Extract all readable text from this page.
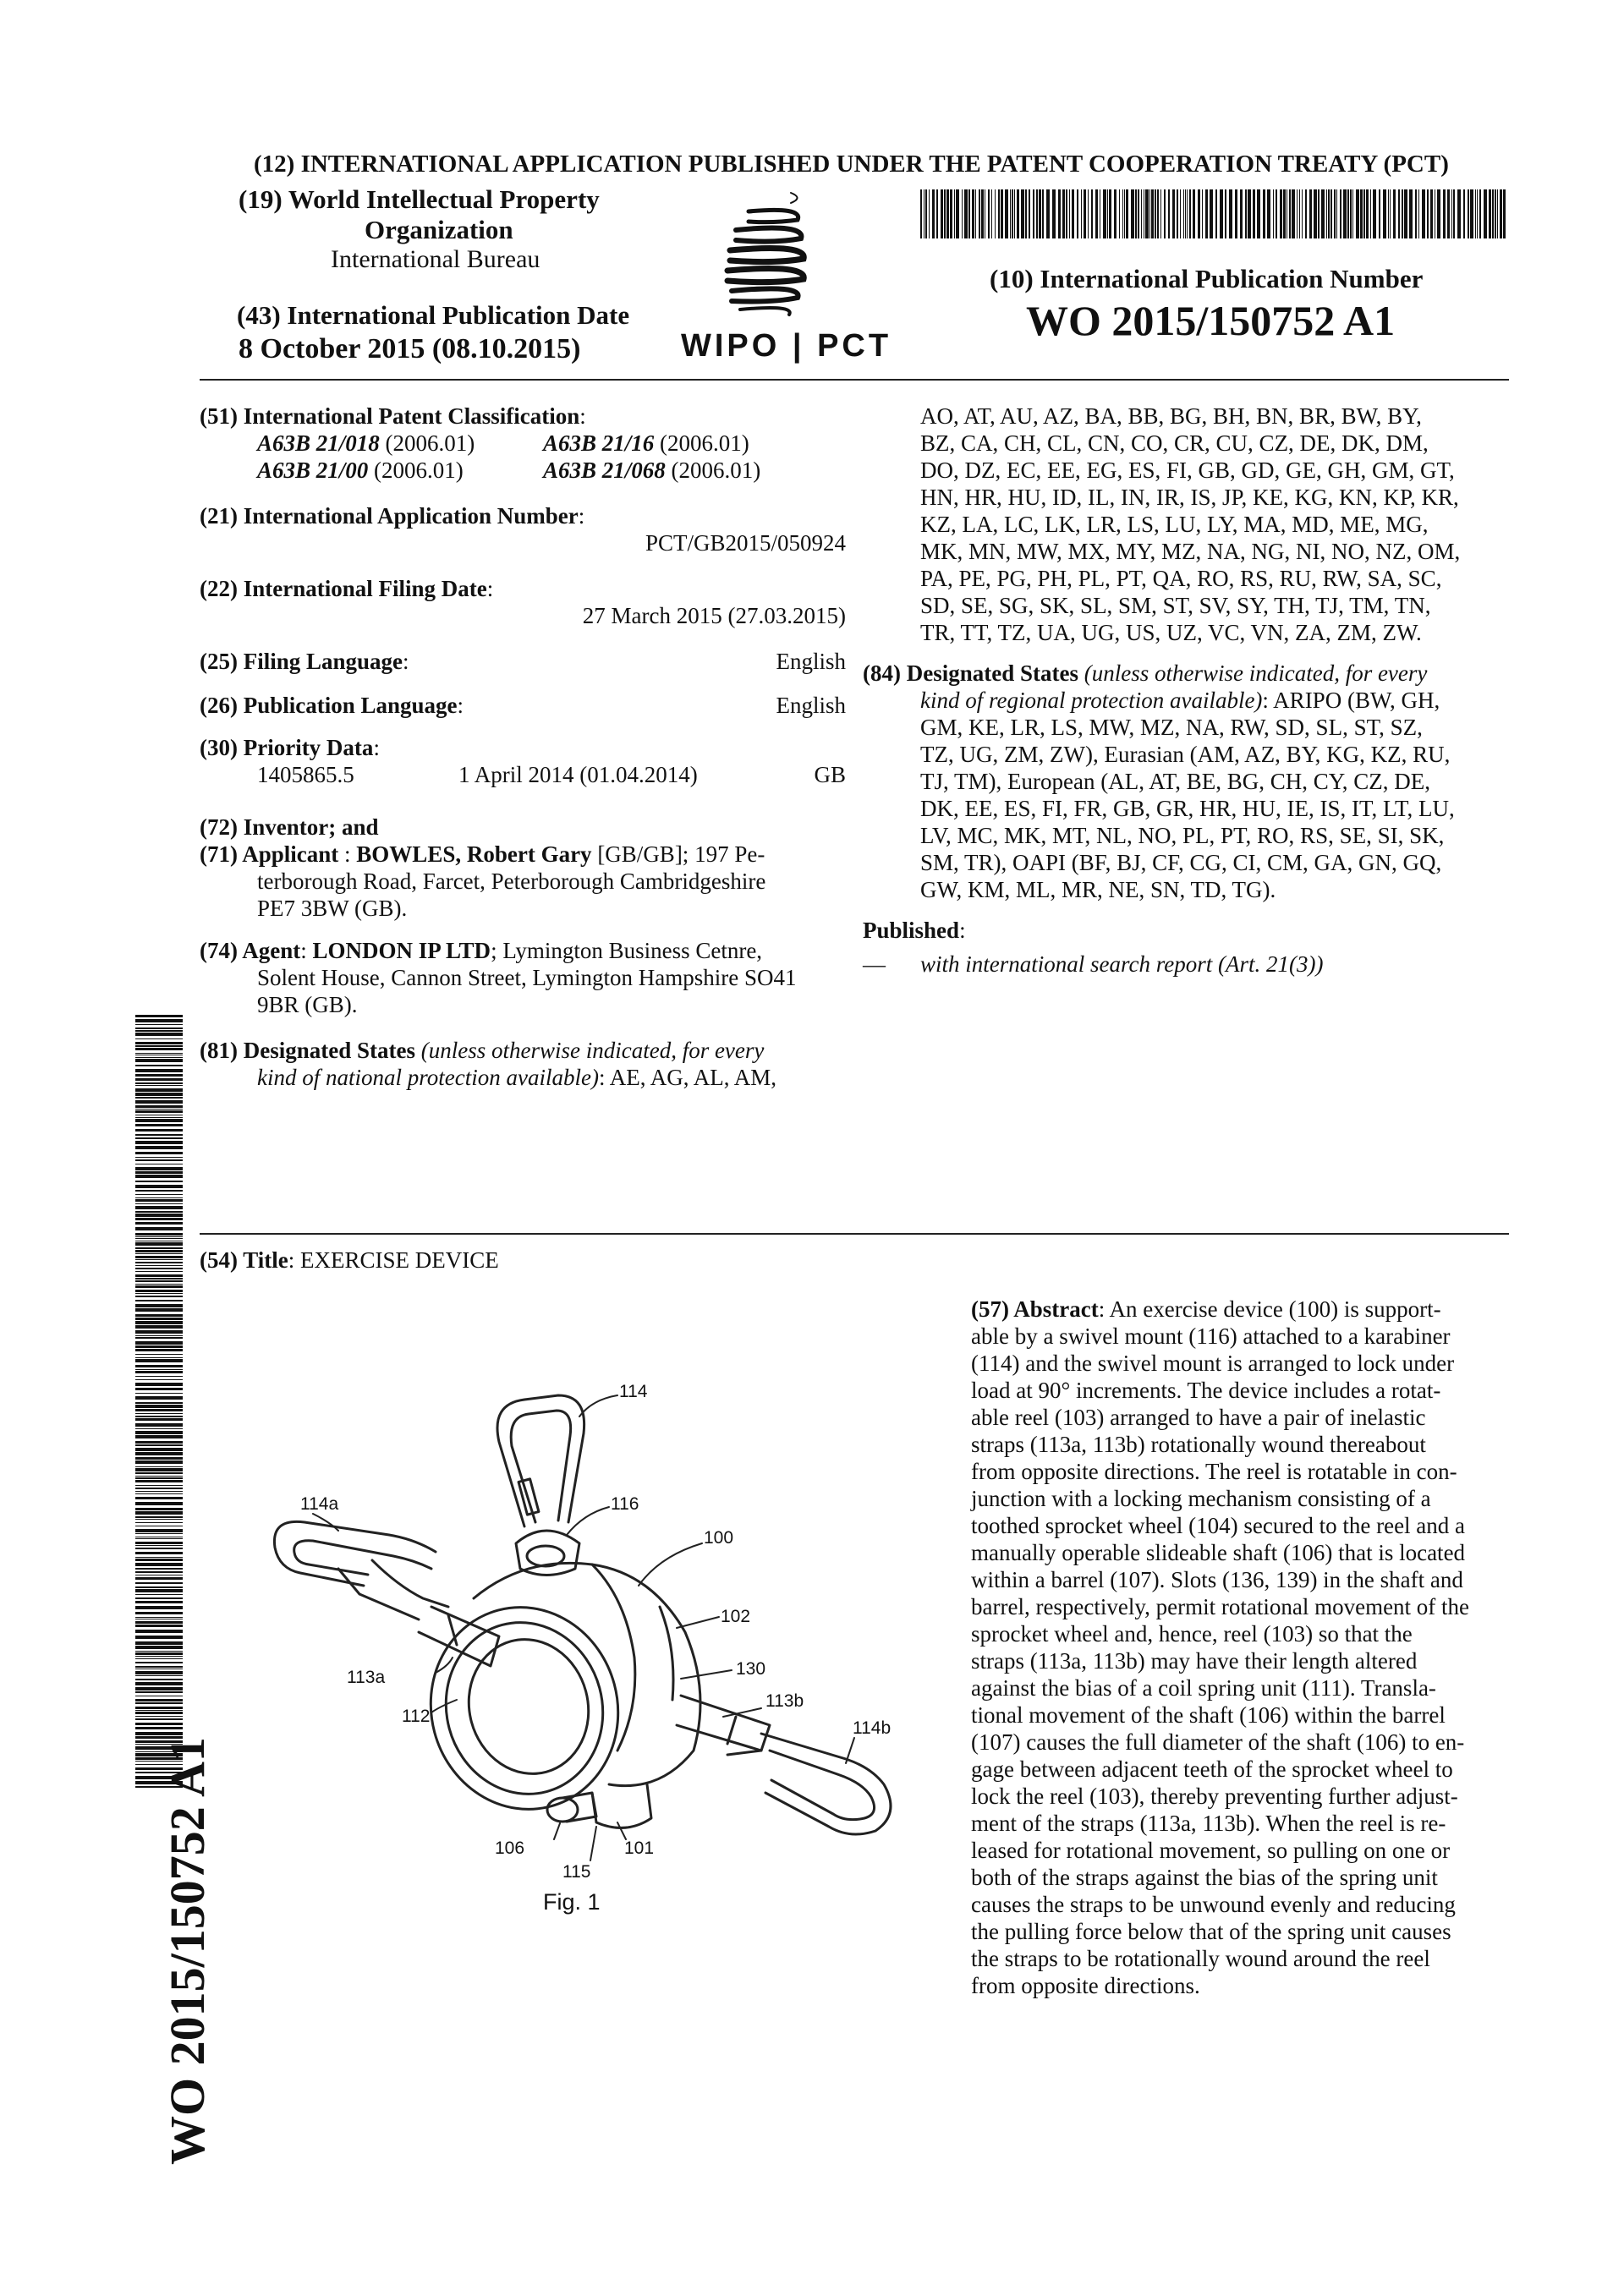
(12) INTERNATIONAL APPLICATION PUBLISHED UNDER THE PATENT COOPERATION TREATY (PCT)
(19) World Intellectual Property
Organization
International Bureau
(43) International Publication Date
8 October 2015 (08.10.2015)	WIPO | PCT
(10) International Publication Number
WO 2015/150752 A1
(51) International Patent Classification:
A63B 21/018 (2006.01)	A63B 21/16 (2006.01)
A63B 21/00 (2006.01)	A63B 21/068 (2006.01)
(21) International Application Number:
PCT/GB2015/050924
(22) International Filing Date:
27 March 2015 (27.03.2015)
(25) Filing Language:	English
(26) Publication Language:	English
(30) Priority Data:
1405865.5	1 April 2014 (01.04.2014)	GB
(72) Inventor; and
(71) Applicant : BOWLES, Robert Gary [GB/GB]; 197 Pe-
terborough Road, Farcet, Peterborough Cambridgeshire
PE7 3BW (GB).
(74) Agent: LONDON IP LTD; Lymington Business Cetnre,
Solent House, Cannon Street, Lymington Hampshire SO41
9BR (GB).
(81) Designated States (unless otherwise indicated, for every
kind of national protection available): AE, AG, AL, AM,
AO, AT, AU, AZ, BA, BB, BG, BH, BN, BR, BW, BY,
BZ, CA, CH, CL, CN, CO, CR, CU, CZ, DE, DK, DM,
DO, DZ, EC, EE, EG, ES, FI, GB, GD, GE, GH, GM, GT,
HN, HR, HU, ID, IL, IN, IR, IS, JP, KE, KG, KN, KP, KR,
KZ, LA, LC, LK, LR, LS, LU, LY, MA, MD, ME, MG,
MK, MN, MW, MX, MY, MZ, NA, NG, NI, NO, NZ, OM,
PA, PE, PG, PH, PL, PT, QA, RO, RS, RU, RW, SA, SC,
SD, SE, SG, SK, SL, SM, ST, SV, SY, TH, TJ, TM, TN,
TR, TT, TZ, UA, UG, US, UZ, VC, VN, ZA, ZM, ZW.
(84) Designated States (unless otherwise indicated, for every
kind of regional protection available): ARIPO (BW, GH,
GM, KE, LR, LS, MW, MZ, NA, RW, SD, SL, ST, SZ,
TZ, UG, ZM, ZW), Eurasian (AM, AZ, BY, KG, KZ, RU,
TJ, TM), European (AL, AT, BE, BG, CH, CY, CZ, DE,
DK, EE, ES, FI, FR, GB, GR, HR, HU, IE, IS, IT, LT, LU,
LV, MC, MK, MT, NL, NO, PL, PT, RO, RS, SE, SI, SK,
SM, TR), OAPI (BF, BJ, CF, CG, CI, CM, GA, GN, GQ,
GW, KM, ML, MR, NE, SN, TD, TG).
Published:
— with international search report (Art. 21(3))
(54) Title: EXERCISE DEVICE
(57) Abstract: An exercise device (100) is support-
able by a swivel mount (116) attached to a karabiner
(114) and the swivel mount is arranged to lock under
load at 90° increments. The device includes a rotat-
able reel (103) arranged to have a pair of inelastic
straps (113a, 113b) rotationally wound thereabout
from opposite directions. The reel is rotatable in con-
junction with a locking mechanism consisting of a
toothed sprocket wheel (104) secured to the reel and a
manually operable slideable shaft (106) that is located
within a barrel (107). Slots (136, 139) in the shaft and
barrel, respectively, permit rotational movement of the
sprocket wheel and, hence, reel (103) so that the
straps (113a, 113b) may have their length altered
against the bias of a coil spring unit (111). Transla-
tional movement of the shaft (106) within the barrel
(107) causes the full diameter of the shaft (106) to en-
gage between adjacent teeth of the sprocket wheel to
lock the reel (103), thereby preventing further adjust-
ment of the straps (113a, 113b). When the reel is re-
leased for rotational movement, so pulling on one or
both of the straps against the bias of the spring unit
causes the straps to be unwound evenly and reducing
the pulling force below that of the spring unit causes
the straps to be rotationally wound around the reel
from opposite directions.
114
114a	116
100
102
113a	130
113b
112
114b
106	101
115
Fig. 1
WO 2015/150752 A1
